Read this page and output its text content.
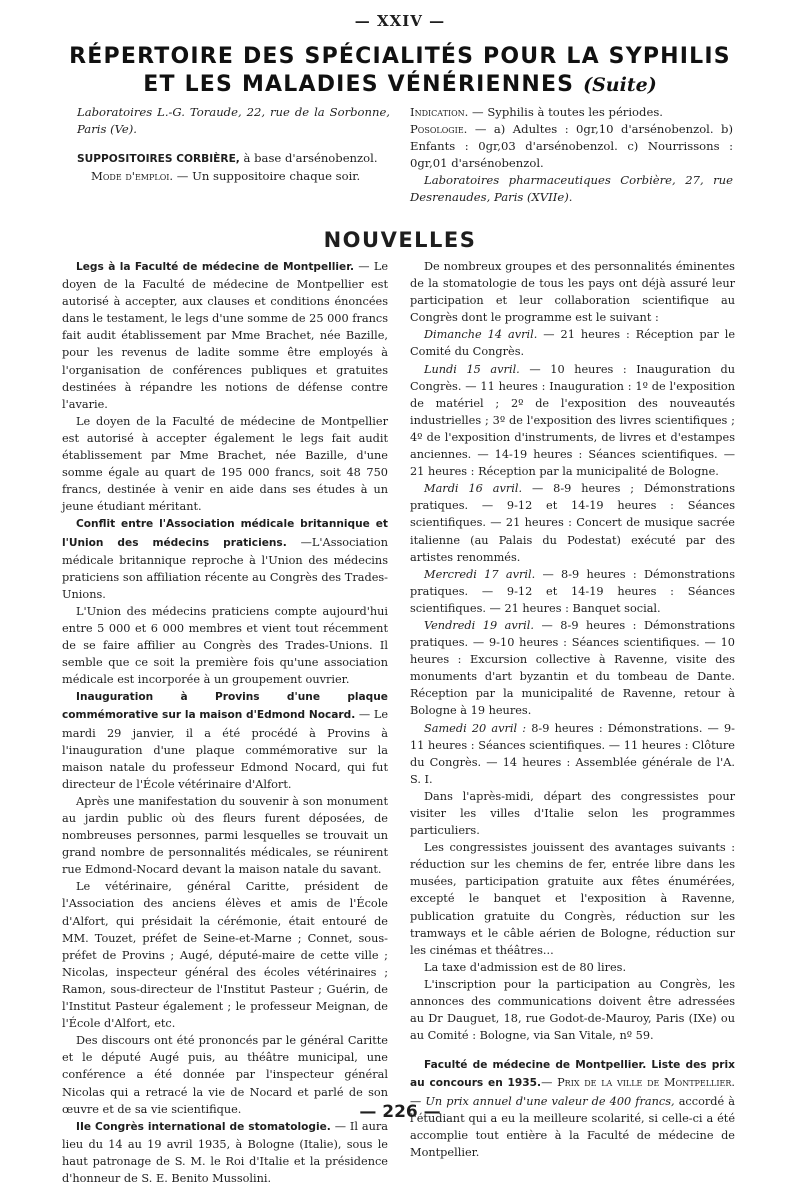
— XXIV —
RÉPERTOIRE DES SPÉCIALITÉS POUR LA SYPHILIS
ET LES MALADIES VÉNÉRIENNES (Suite)

Laboratoires L.-G. Toraude, 22, rue de la Sorbonne, Paris (Ve).

SUPPOSITOIRES CORBIÈRE, à base d'arsénobenzol.

Mode d'emploi. — Un suppositoire chaque soir.

Indication. — Syphilis à toutes les périodes.

Posologie. — a) Adultes : 0gr,10 d'arsénobenzol. b) Enfants : 0gr,03 d'arsénobenzol. c) Nourrissons : 0gr,01 d'arsénobenzol.

Laboratoires pharmaceutiques Corbière, 27, rue Desrenaudes, Paris (XVIIe).

NOUVELLES

Legs à la Faculté de médecine de Montpellier. — Le doyen de la Faculté de médecine de Montpellier est autorisé à accepter, aux clauses et conditions énoncées dans le testament, le legs d'une somme de 25 000 francs fait audit établissement par Mme Brachet, née Bazille, pour les revenus de ladite somme être employés à l'organisation de conférences publiques et gratuites destinées à répandre les notions de défense contre l'avarie.

Le doyen de la Faculté de médecine de Montpellier est autorisé à accepter également le legs fait audit établissement par Mme Brachet, née Bazille, d'une somme égale au quart de 195 000 francs, soit 48 750 francs, destinée à venir en aide dans ses études à un jeune étudiant méritant.

Conflit entre l'Association médicale britannique et l'Union des médecins praticiens. —L'Association médicale britannique reproche à l'Union des médecins praticiens son affiliation récente au Congrès des Trades-Unions.

L'Union des médecins praticiens compte aujourd'hui entre 5 000 et 6 000 membres et vient tout récemment de se faire affilier au Congrès des Trades-Unions. Il semble que ce soit la première fois qu'une association médicale est incorporée à un groupement ouvrier.

Inauguration à Provins d'une plaque commémorative sur la maison d'Edmond Nocard. — Le mardi 29 janvier, il a été procédé à Provins à l'inauguration d'une plaque commémorative sur la maison natale du professeur Edmond Nocard, qui fut directeur de l'École vétérinaire d'Alfort.

Après une manifestation du souvenir à son monument au jardin public où des fleurs furent déposées, de nombreuses personnes, parmi lesquelles se trouvait un grand nombre de personnalités médicales, se réunirent rue Edmond-Nocard devant la maison natale du savant.

Le vétérinaire, général Caritte, président de l'Association des anciens élèves et amis de l'École d'Alfort, qui présidait la cérémonie, était entouré de MM. Touzet, préfet de Seine-et-Marne ; Connet, sous-préfet de Provins ; Augé, député-maire de cette ville ; Nicolas, inspecteur général des écoles vétérinaires ; Ramon, sous-directeur de l'Institut Pasteur ; Guérin, de l'Institut Pasteur également ; le professeur Meignan, de l'École d'Alfort, etc.

Des discours ont été prononcés par le général Caritte et le député Augé puis, au théâtre municipal, une conférence a été donnée par l'inspecteur général Nicolas qui a retracé la vie de Nocard et parlé de son œuvre et de sa vie scientifique.

IIe Congrès international de stomatologie. — Il aura lieu du 14 au 19 avril 1935, à Bologne (Italie), sous le haut patronage de S. M. le Roi d'Italie et la présidence d'honneur de S. E. Benito Mussolini.

De nombreux groupes et des personnalités éminentes de la stomatologie de tous les pays ont déjà assuré leur participation et leur collaboration scientifique au Congrès dont le programme est le suivant :

Dimanche 14 avril. — 21 heures : Réception par le Comité du Congrès.

Lundi 15 avril. — 10 heures : Inauguration du Congrès. — 11 heures : Inauguration : 1º de l'exposition de matériel ; 2º de l'exposition des nouveautés industrielles ; 3º de l'exposition des livres scientifiques ; 4º de l'exposition d'instruments, de livres et d'estampes anciennes. — 14-19 heures : Séances scientifiques. — 21 heures : Réception par la municipalité de Bologne.

Mardi 16 avril. — 8-9 heures ; Démonstrations pratiques. — 9-12 et 14-19 heures : Séances scientifiques. — 21 heures : Concert de musique sacrée italienne (au Palais du Podestat) exécuté par des artistes renommés.

Mercredi 17 avril. — 8-9 heures : Démonstrations pratiques. — 9-12 et 14-19 heures : Séances scientifiques. — 21 heures : Banquet social.

Vendredi 19 avril. — 8-9 heures : Démonstrations pratiques. — 9-10 heures : Séances scientifiques. — 10 heures : Excursion collective à Ravenne, visite des monuments d'art byzantin et du tombeau de Dante. Réception par la municipalité de Ravenne, retour à Bologne à 19 heures.

Samedi 20 avril : 8-9 heures : Démonstrations. — 9-11 heures : Séances scientifiques. — 11 heures : Clôture du Congrès. — 14 heures : Assemblée générale de l'A. S. I.

Dans l'après-midi, départ des congressistes pour visiter les villes d'Italie selon les programmes particuliers.

Les congressistes jouissent des avantages suivants : réduction sur les chemins de fer, entrée libre dans les musées, participation gratuite aux fêtes énumérées, excepté le banquet et l'exposition à Ravenne, publication gratuite du Congrès, réduction sur les tramways et le câble aérien de Bologne, réduction sur les cinémas et théâtres...

La taxe d'admission est de 80 lires.

L'inscription pour la participation au Congrès, les annonces des communications doivent être adressées au Dr Dauguet, 18, rue Godot-de-Mauroy, Paris (IXe) ou au Comité : Bologne, via San Vitale, nº 59.

Faculté de médecine de Montpellier. Liste des prix au concours en 1935.— Prix de la ville de Montpellier. — Un prix annuel d'une valeur de 400 francs, accordé à l'étudiant qui a eu la meilleure scolarité, si celle-ci a été accomplie tout entière à la Faculté de médecine de Montpellier.

— 226 —
